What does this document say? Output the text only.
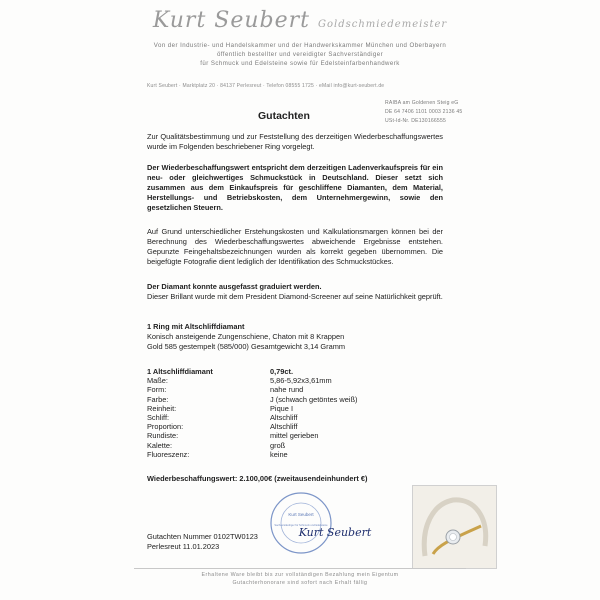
Kurt Seubert Goldschmiedemeister
Von der Industrie- und Handelskammer und der Handwerkskammer München und Oberbayern
öffentlich bestellter und vereidigter Sachverständiger
für Schmuck und Edelsteine sowie für Edelsteinfarbenhandwerk
Kurt Seubert · Marktplatz 20 · 84137 Perlesreut · Telefon 08555 1725 · eMail info@kurt-seubert.de
RAIBA am Goldenen Steig eG
DE 64 7406 1101 0003 2136 45
USt-Id-Nr. DE130166555
Gutachten
Zur Qualitätsbestimmung und zur Feststellung des derzeitigen Wiederbeschaffungswertes wurde im Folgenden beschriebener Ring vorgelegt.
Der Wiederbeschaffungswert entspricht dem derzeitigen Ladenverkaufspreis für ein neu- oder gleichwertiges Schmuckstück in Deutschland. Dieser setzt sich zusammen aus dem Einkaufspreis für geschliffene Diamanten, dem Material, Herstellungs- und Betriebskosten, dem Unternehmergewinn, sowie den gesetzlichen Steuern.
Auf Grund unterschiedlicher Erstehungskosten und Kalkulationsmargen können bei der Berechnung des Wiederbeschaffungswertes abweichende Ergebnisse entstehen. Gepunzte Feingehaltsbezeichnungen wurden als korrekt gegeben übernommen. Die beigefügte Fotografie dient lediglich der Identifikation des Schmuckstückes.
Der Diamant konnte ausgefasst graduiert werden.
Dieser Brillant wurde mit dem President Diamond-Screener auf seine Natürlichkeit geprüft.
1 Ring mit Altschliffdiamant
Konisch ansteigende Zungenschiene, Chaton mit 8 Krappen
Gold 585 gestempelt (585/000) Gesamtgewicht 3,14 Gramm
1 Altschliffdiamant	0,79ct.
Maße:	5,86-5,92x3,61mm
Form:	nahe rund
Farbe:	J (schwach getöntes weiß)
Reinheit:	Pique I
Schliff:	Altschliff
Proportion:	Altschliff
Rundiste:	mittel gerieben
Kalette:	groß
Fluoreszenz:	keine
Wiederbeschaffungswert: 2.100,00€ (zweitausendeinhundert €)
Kurt Seubert
Sachverständiger für Schmuck und Edelsteine
Kurt Seubert
Gutachten Nummer 0102TW0123
Perlesreut 11.01.2023
Erhaltene Ware bleibt bis zur vollständigen Bezahlung mein Eigentum
Gutachterhonorare sind sofort nach Erhalt fällig
